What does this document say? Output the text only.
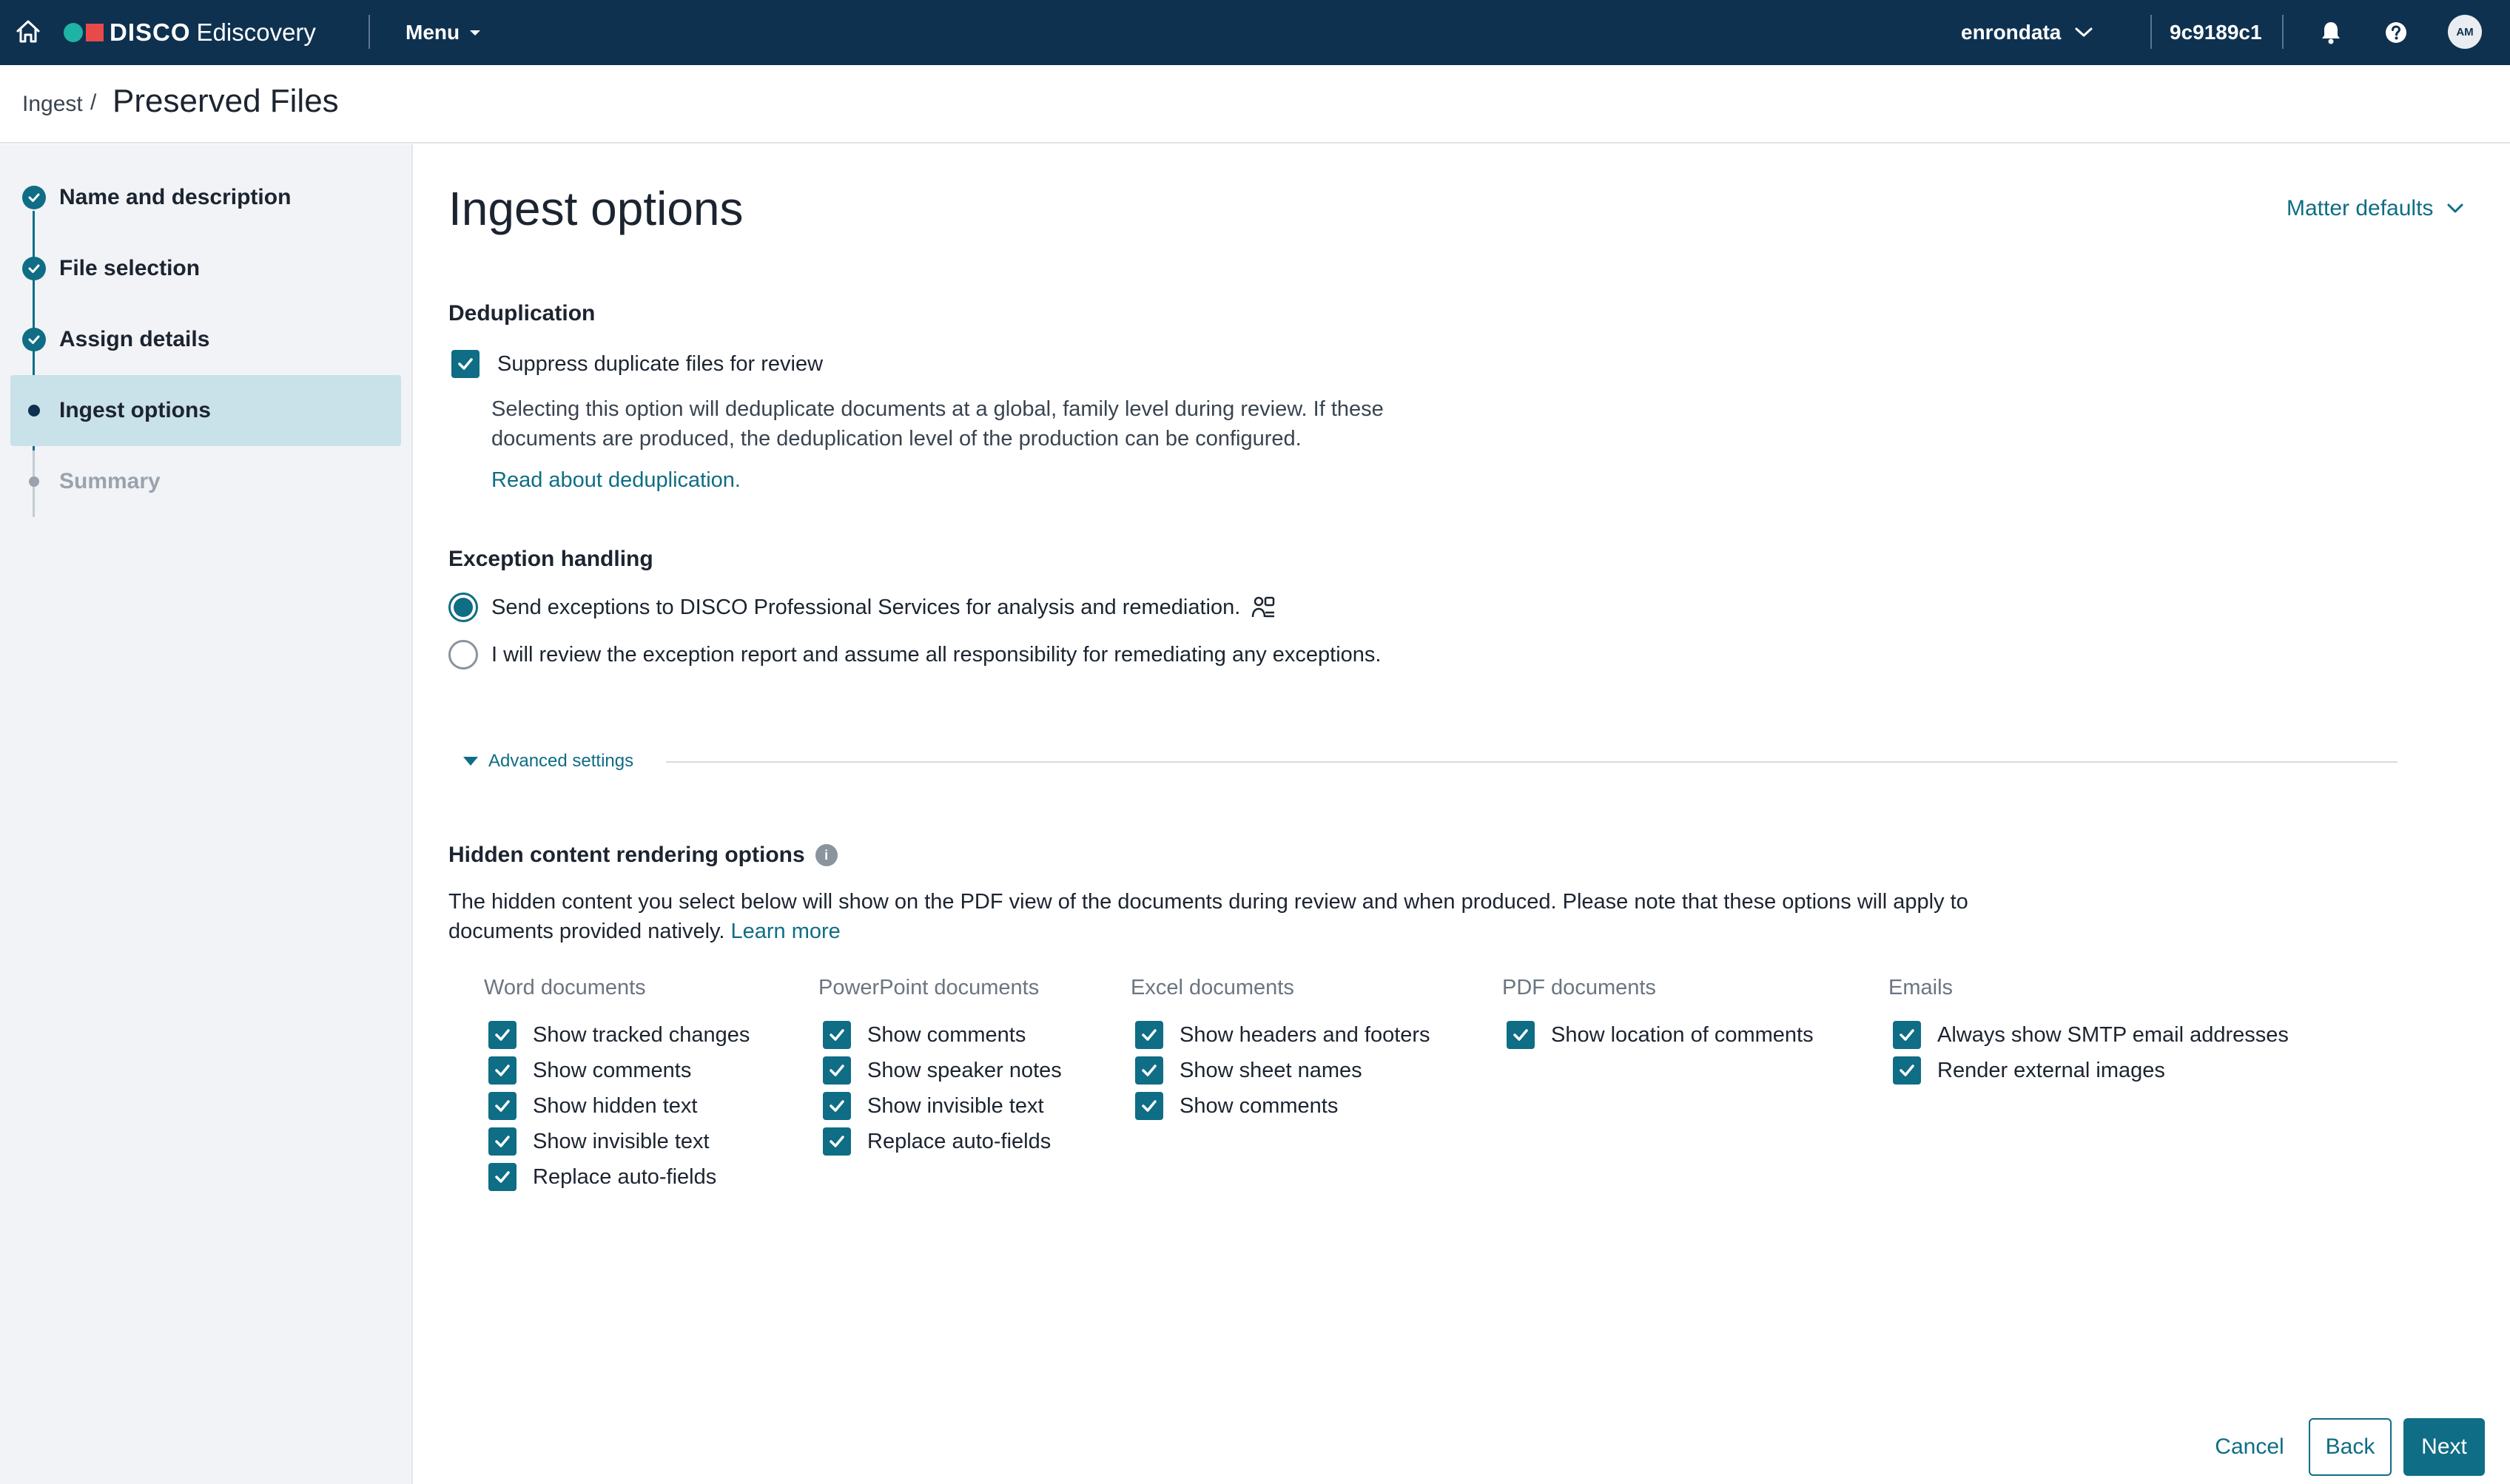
DISCO Ediscovery	Menu	enrondata	9c9189c1	AM
Ingest / Preserved Files
Name and description
File selection
Assign details
Ingest options
Summary
Ingest options	Matter defaults
Deduplication
Suppress duplicate files for review
Selecting this option will deduplicate documents at a global, family level during review. If these
documents are produced, the deduplication level of the production can be configured.
Read about deduplication.
Exception handling
Send exceptions to DISCO Professional Services for analysis and remediation.
I will review the exception report and assume all responsibility for remediating any exceptions.
Advanced settings
Hidden content rendering options	i
The hidden content you select below will show on the PDF view of the documents during review and when produced. Please note that these options will apply to
documents provided natively. Learn more
Word documents
Show tracked changes
Show comments
Show hidden text
Show invisible text
Replace auto-fields
PowerPoint documents
Show comments
Show speaker notes
Show invisible text
Replace auto-fields
Excel documents
Show headers and footers
Show sheet names
Show comments
PDF documents
Show location of comments
Emails
Always show SMTP email addresses
Render external images
Cancel	Back	Next
